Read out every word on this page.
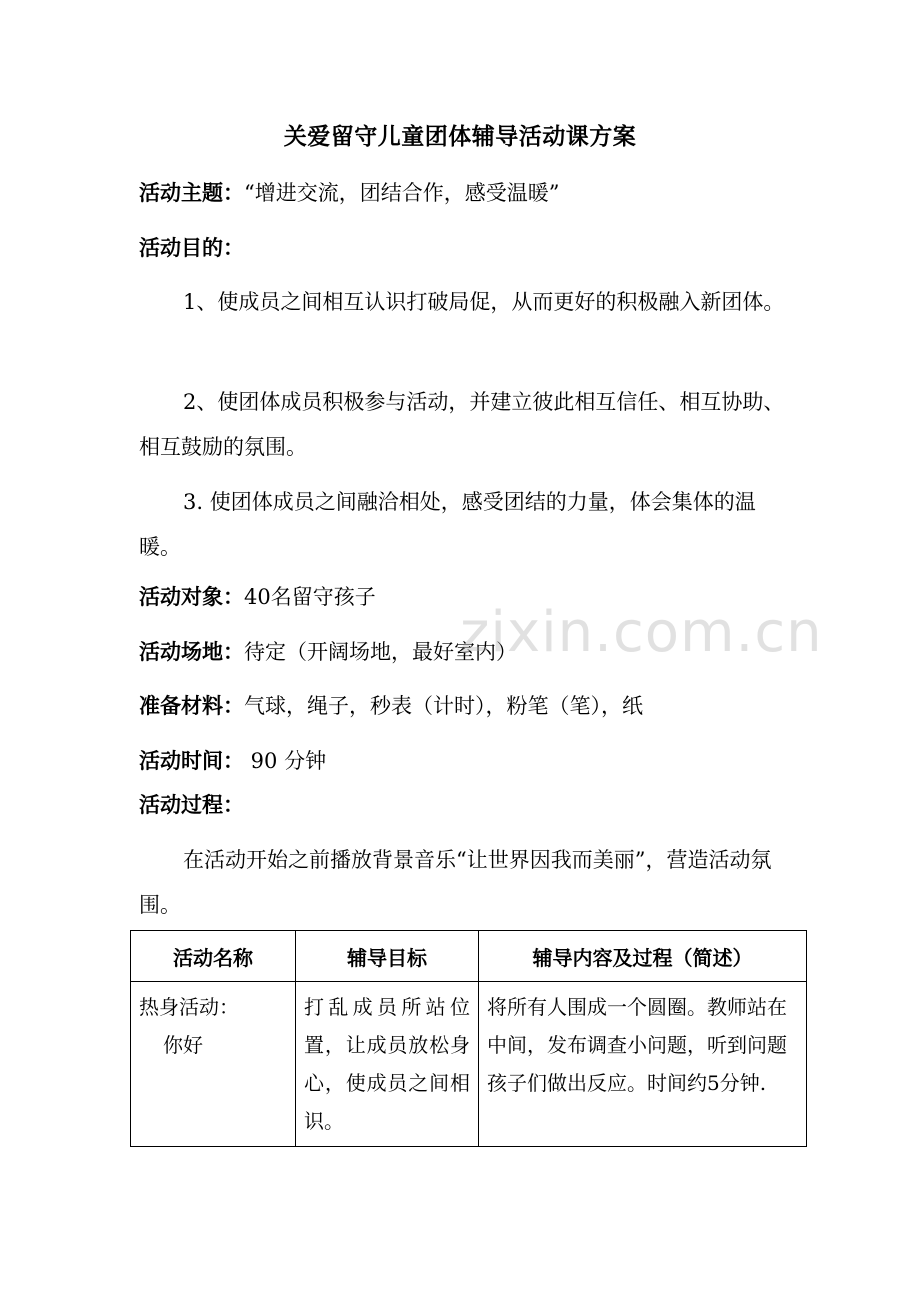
关爱留守儿童团体辅导活动课方案
活动主题：“增进交流，团结合作，感受温暖”
活动目的：
1、使成员之间相互认识打破局促，从而更好的积极融入新团体。
2、使团体成员积极参与活动，并建立彼此相互信任、相互协助、相互鼓励的氛围。
3. 使团体成员之间融洽相处，感受团结的力量，体会集体的温暖。
活动对象：40名留守孩子
活动场地：待定（开阔场地，最好室内）
准备材料：气球，绳子，秒表（计时），粉笔（笔），纸
活动时间： 90 分钟
活动过程：
在活动开始之前播放背景音乐“让世界因我而美丽”，营造活动氛围。
zixin.com.cn
活动名称	辅导目标	辅导内容及过程（简述）

热身活动：
你好	打乱成员所站位置，让成员放松身心，使成员之间相识。	将所有人围成一个圆圈。教师站在中间，发布调查小问题，听到问题孩子们做出反应。时间约5分钟.
